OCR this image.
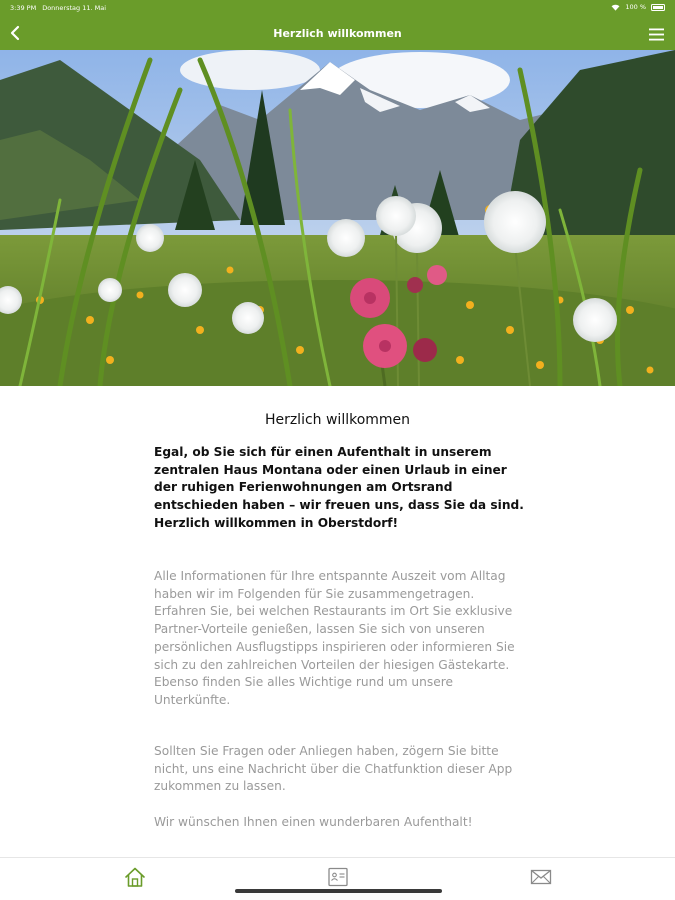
3:39 PM Donnerstag 11. Mai	100 %
Herzlich willkommen
Herzlich willkommen
Egal, ob Sie sich für einen Aufenthalt in unserem zentralen Haus Montana oder einen Urlaub in einer der ruhigen Ferienwohnungen am Ortsrand entschieden haben – wir freuen uns, dass Sie da sind. Herzlich willkommen in Oberstdorf!
Alle Informationen für Ihre entspannte Auszeit vom Alltag haben wir im Folgenden für Sie zusammengetragen. Erfahren Sie, bei welchen Restaurants im Ort Sie exklusive Partner-Vorteile genießen, lassen Sie sich von unseren persönlichen Ausflugstipps inspirieren oder informieren Sie sich zu den zahlreichen Vorteilen der hiesigen Gästekarte. Ebenso finden Sie alles Wichtige rund um unsere Unterkünfte.
Sollten Sie Fragen oder Anliegen haben, zögern Sie bitte nicht, uns eine Nachricht über die Chatfunktion dieser App zukommen zu lassen.
Wir wünschen Ihnen einen wunderbaren Aufenthalt!
